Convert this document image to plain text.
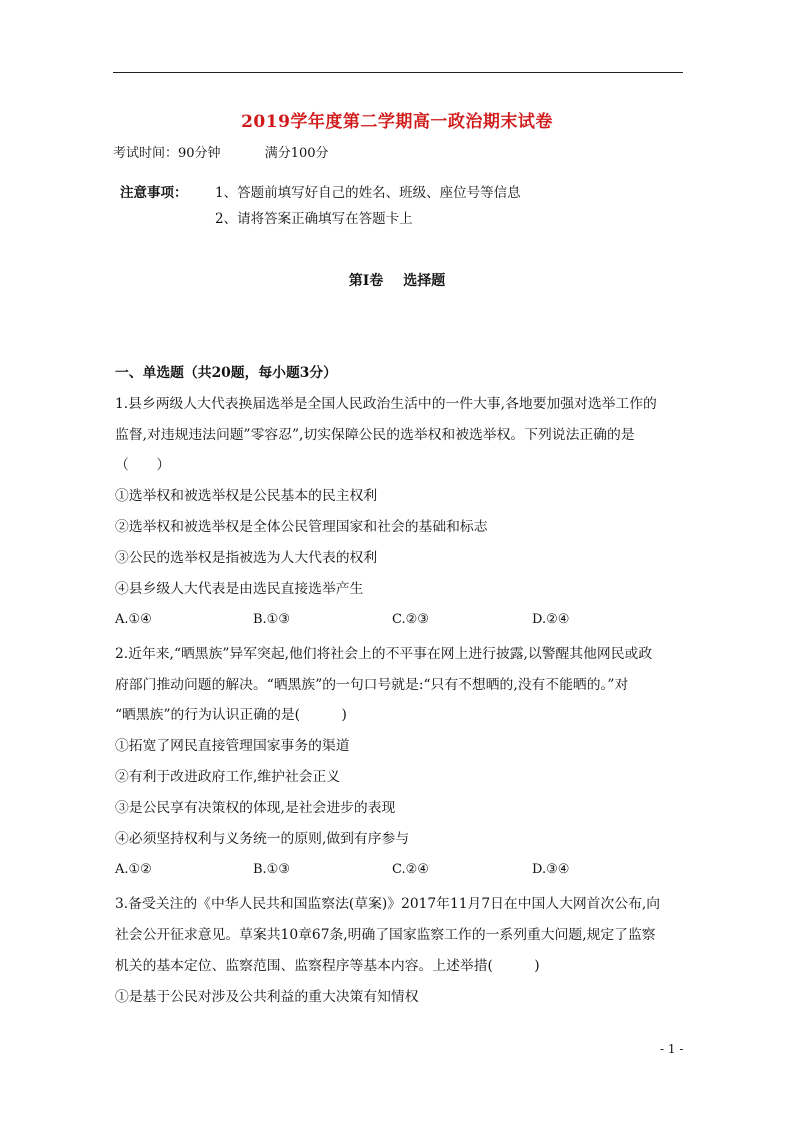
2019学年度第二学期高一政治期末试卷
考试时间：90分钟	满分100分
注意事项： 1、答题前填写好自己的姓名、班级、座位号等信息
2、请将答案正确填写在答题卡上
第Ⅰ卷 选择题
一、单选题（共20题，每小题3分）
1.县乡两级人大代表换届选举是全国人民政治生活中的一件大事,各地要加强对选举工作的
监督,对违规违法问题”零容忍”,切实保障公民的选举权和被选举权。下列说法正确的是
（　　）
①选举权和被选举权是公民基本的民主权利
②选举权和被选举权是全体公民管理国家和社会的基础和标志
③公民的选举权是指被选为人大代表的权利
④县乡级人大代表是由选民直接选举产生
A.①④	B.①③	C.②③	D.②④
2.近年来,“晒黑族”异军突起,他们将社会上的不平事在网上进行披露,以警醒其他网民或政
府部门推动问题的解决。“晒黑族”的一句口号就是:“只有不想晒的,没有不能晒的。”对
“晒黑族”的行为认识正确的是(　　　)
①拓宽了网民直接管理国家事务的渠道
②有利于改进政府工作,维护社会正义
③是公民享有决策权的体现,是社会进步的表现
④必须坚持权利与义务统一的原则,做到有序参与
A.①②	B.①③	C.②④	D.③④
3.备受关注的《中华人民共和国监察法(草案)》2017年11月7日在中国人大网首次公布,向
社会公开征求意见。草案共10章67条,明确了国家监察工作的一系列重大问题,规定了监察
机关的基本定位、监察范围、监察程序等基本内容。上述举措(　　　)
①是基于公民对涉及公共利益的重大决策有知情权
- 1 -
